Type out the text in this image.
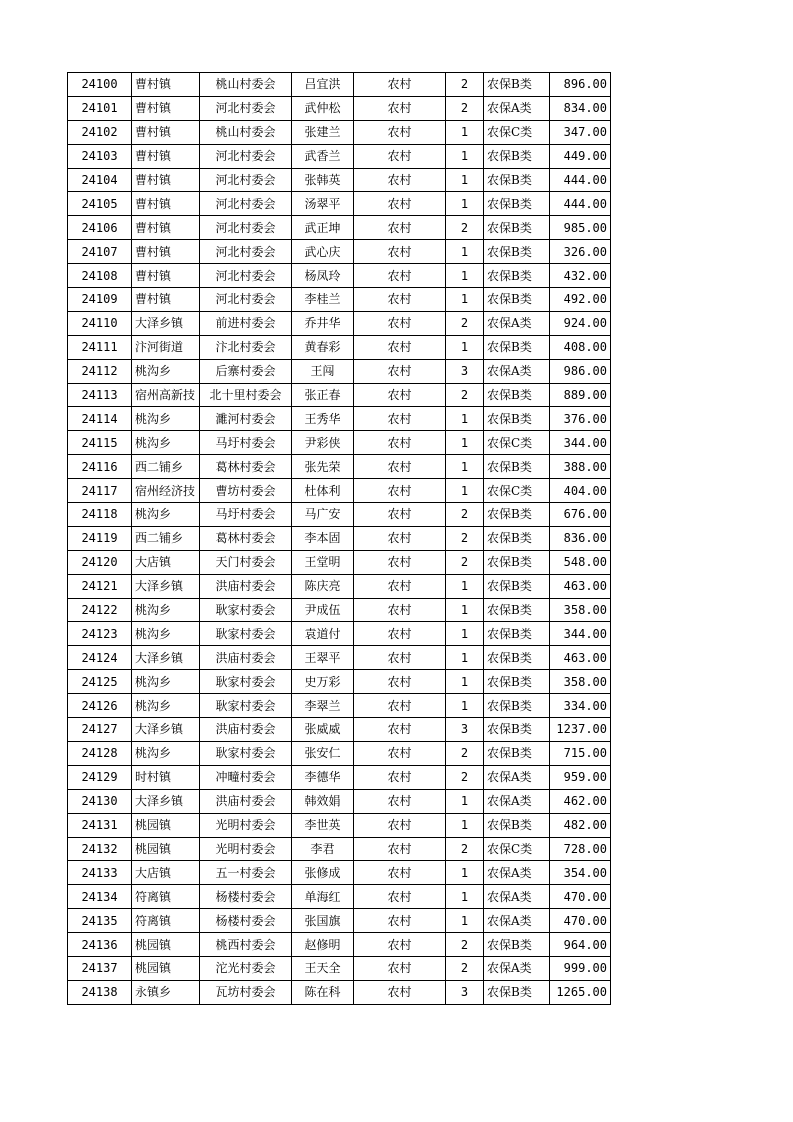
24100	曹村镇	桃山村委会	吕宜洪	农村	2	农保B类	896.00
24101	曹村镇	河北村委会	武仲松	农村	2	农保A类	834.00
24102	曹村镇	桃山村委会	张建兰	农村	1	农保C类	347.00
24103	曹村镇	河北村委会	武香兰	农村	1	农保B类	449.00
24104	曹村镇	河北村委会	张韩英	农村	1	农保B类	444.00
24105	曹村镇	河北村委会	汤翠平	农村	1	农保B类	444.00
24106	曹村镇	河北村委会	武正坤	农村	2	农保B类	985.00
24107	曹村镇	河北村委会	武心庆	农村	1	农保B类	326.00
24108	曹村镇	河北村委会	杨凤玲	农村	1	农保B类	432.00
24109	曹村镇	河北村委会	李桂兰	农村	1	农保B类	492.00
24110	大泽乡镇	前进村委会	乔井华	农村	2	农保A类	924.00
24111	汴河街道	汴北村委会	黄春彩	农村	1	农保B类	408.00
24112	桃沟乡	后寨村委会	王闯	农村	3	农保A类	986.00
24113	宿州高新技	北十里村委会	张正春	农村	2	农保B类	889.00
24114	桃沟乡	濉河村委会	王秀华	农村	1	农保B类	376.00
24115	桃沟乡	马圩村委会	尹彩侠	农村	1	农保C类	344.00
24116	西二铺乡	葛林村委会	张先荣	农村	1	农保B类	388.00
24117	宿州经济技	曹坊村委会	杜体利	农村	1	农保C类	404.00
24118	桃沟乡	马圩村委会	马广安	农村	2	农保B类	676.00
24119	西二铺乡	葛林村委会	李本固	农村	2	农保B类	836.00
24120	大店镇	天门村委会	王堂明	农村	2	农保B类	548.00
24121	大泽乡镇	洪庙村委会	陈庆亮	农村	1	农保B类	463.00
24122	桃沟乡	耿家村委会	尹成伍	农村	1	农保B类	358.00
24123	桃沟乡	耿家村委会	袁道付	农村	1	农保B类	344.00
24124	大泽乡镇	洪庙村委会	王翠平	农村	1	农保B类	463.00
24125	桃沟乡	耿家村委会	史万彩	农村	1	农保B类	358.00
24126	桃沟乡	耿家村委会	李翠兰	农村	1	农保B类	334.00
24127	大泽乡镇	洪庙村委会	张威威	农村	3	农保B类	1237.00
24128	桃沟乡	耿家村委会	张安仁	农村	2	农保B类	715.00
24129	时村镇	冲疃村委会	李德华	农村	2	农保A类	959.00
24130	大泽乡镇	洪庙村委会	韩效娟	农村	1	农保A类	462.00
24131	桃园镇	光明村委会	李世英	农村	1	农保B类	482.00
24132	桃园镇	光明村委会	李君	农村	2	农保C类	728.00
24133	大店镇	五一村委会	张修成	农村	1	农保A类	354.00
24134	符离镇	杨楼村委会	单海红	农村	1	农保A类	470.00
24135	符离镇	杨楼村委会	张国旗	农村	1	农保A类	470.00
24136	桃园镇	桃西村委会	赵修明	农村	2	农保B类	964.00
24137	桃园镇	沱光村委会	王天全	农村	2	农保A类	999.00
24138	永镇乡	瓦坊村委会	陈在科	农村	3	农保B类	1265.00
